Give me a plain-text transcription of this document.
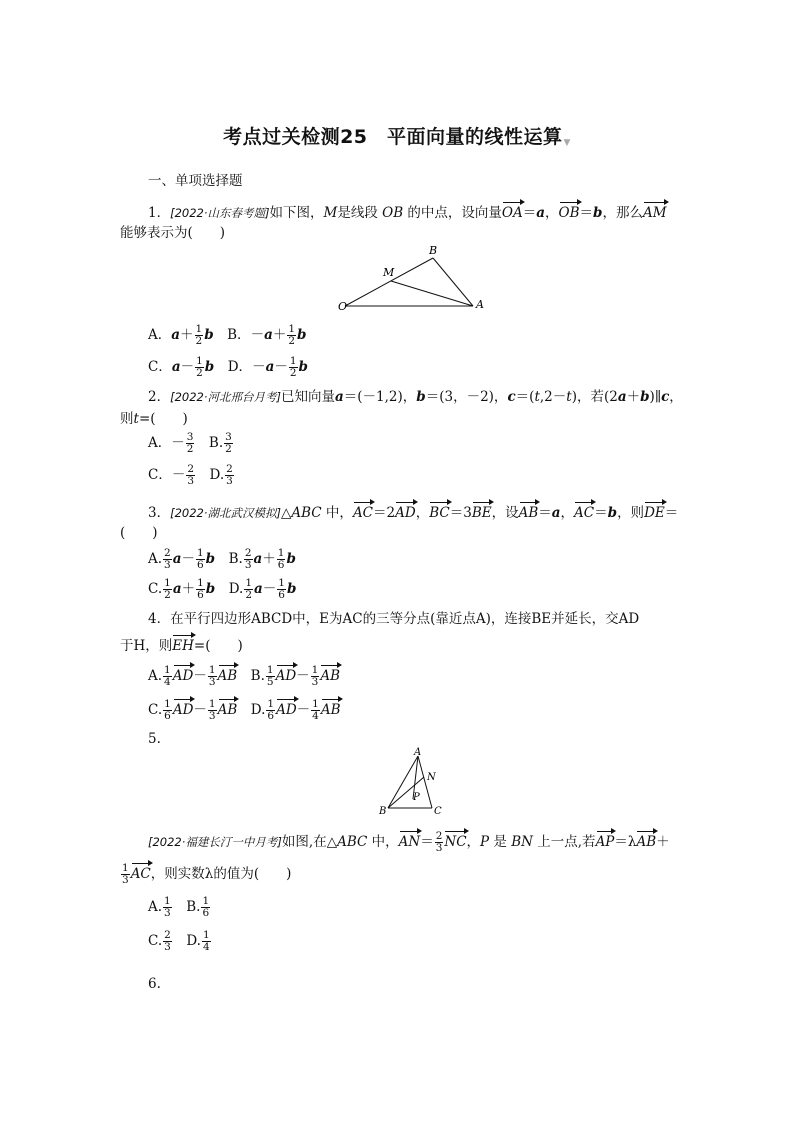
考点过关检测25　平面向量的线性运算▼
一、单项选择题
1．[2022·山东春考题]如下图，M是线段 OB 的中点，设向量OA＝a，OB＝b，那么AM
能够表示为(　　)
B
M
O	A
A．$a+ \frac{1}{2}$ b　 B．$-a+ \frac{1}{2}$ b
C．$a- \frac{1}{2}$ b　 D．$-a- \frac{1}{2}$ b
2．[2022·河北邢台月考]已知向量a＝(－1,2)，b＝(3，－2)，c＝(t,2－t)，若(2a＋b)∥c，
则t=(　　)
A．－ $\frac{3}{2}$ 　B. $\frac{3}{2}$
C．－ $\frac{2}{3}$ 　D. $\frac{2}{3}$
3．[2022·湖北武汉模拟]△ABC 中，AC＝2AD，BC＝3BE，设AB＝a，AC＝b，则DE＝
(　　)
A. $\frac{2}{3} a- \frac{1}{6}$ b　B. $\frac{2}{3} a+ \frac{1}{6}$ b
C. $\frac{1}{2} a+ \frac{1}{6}$ b　D. $\frac{1}{2} a- \frac{1}{6}$ b
4．在平行四边形ABCD中，E为AC的三等分点(靠近点A)，连接BE并延长，交AD
于H，则EH=(　　)
A. $\frac{1}{4} AD- \frac{1}{3}$ AB　B. $\frac{1}{5} AD- \frac{1}{3}$ AB
C. $\frac{1}{6} AD- \frac{1}{3}$ AB　D. $\frac{1}{6} AD- \frac{1}{4}$ AB
5.
A
N
P
B	C
[2022·福建长汀一中月考]如图,在△ABC 中，$AN= \frac{2}{3}$ NC，P 是 BN 上一点,若AP＝λAB＋
$\frac{1}{3}$ AC，则实数λ的值为(　　)
A. $\frac{1}{3}$ 　B. $\frac{1}{6}$
C. $\frac{2}{3}$ 　D. $\frac{1}{4}$
6.
